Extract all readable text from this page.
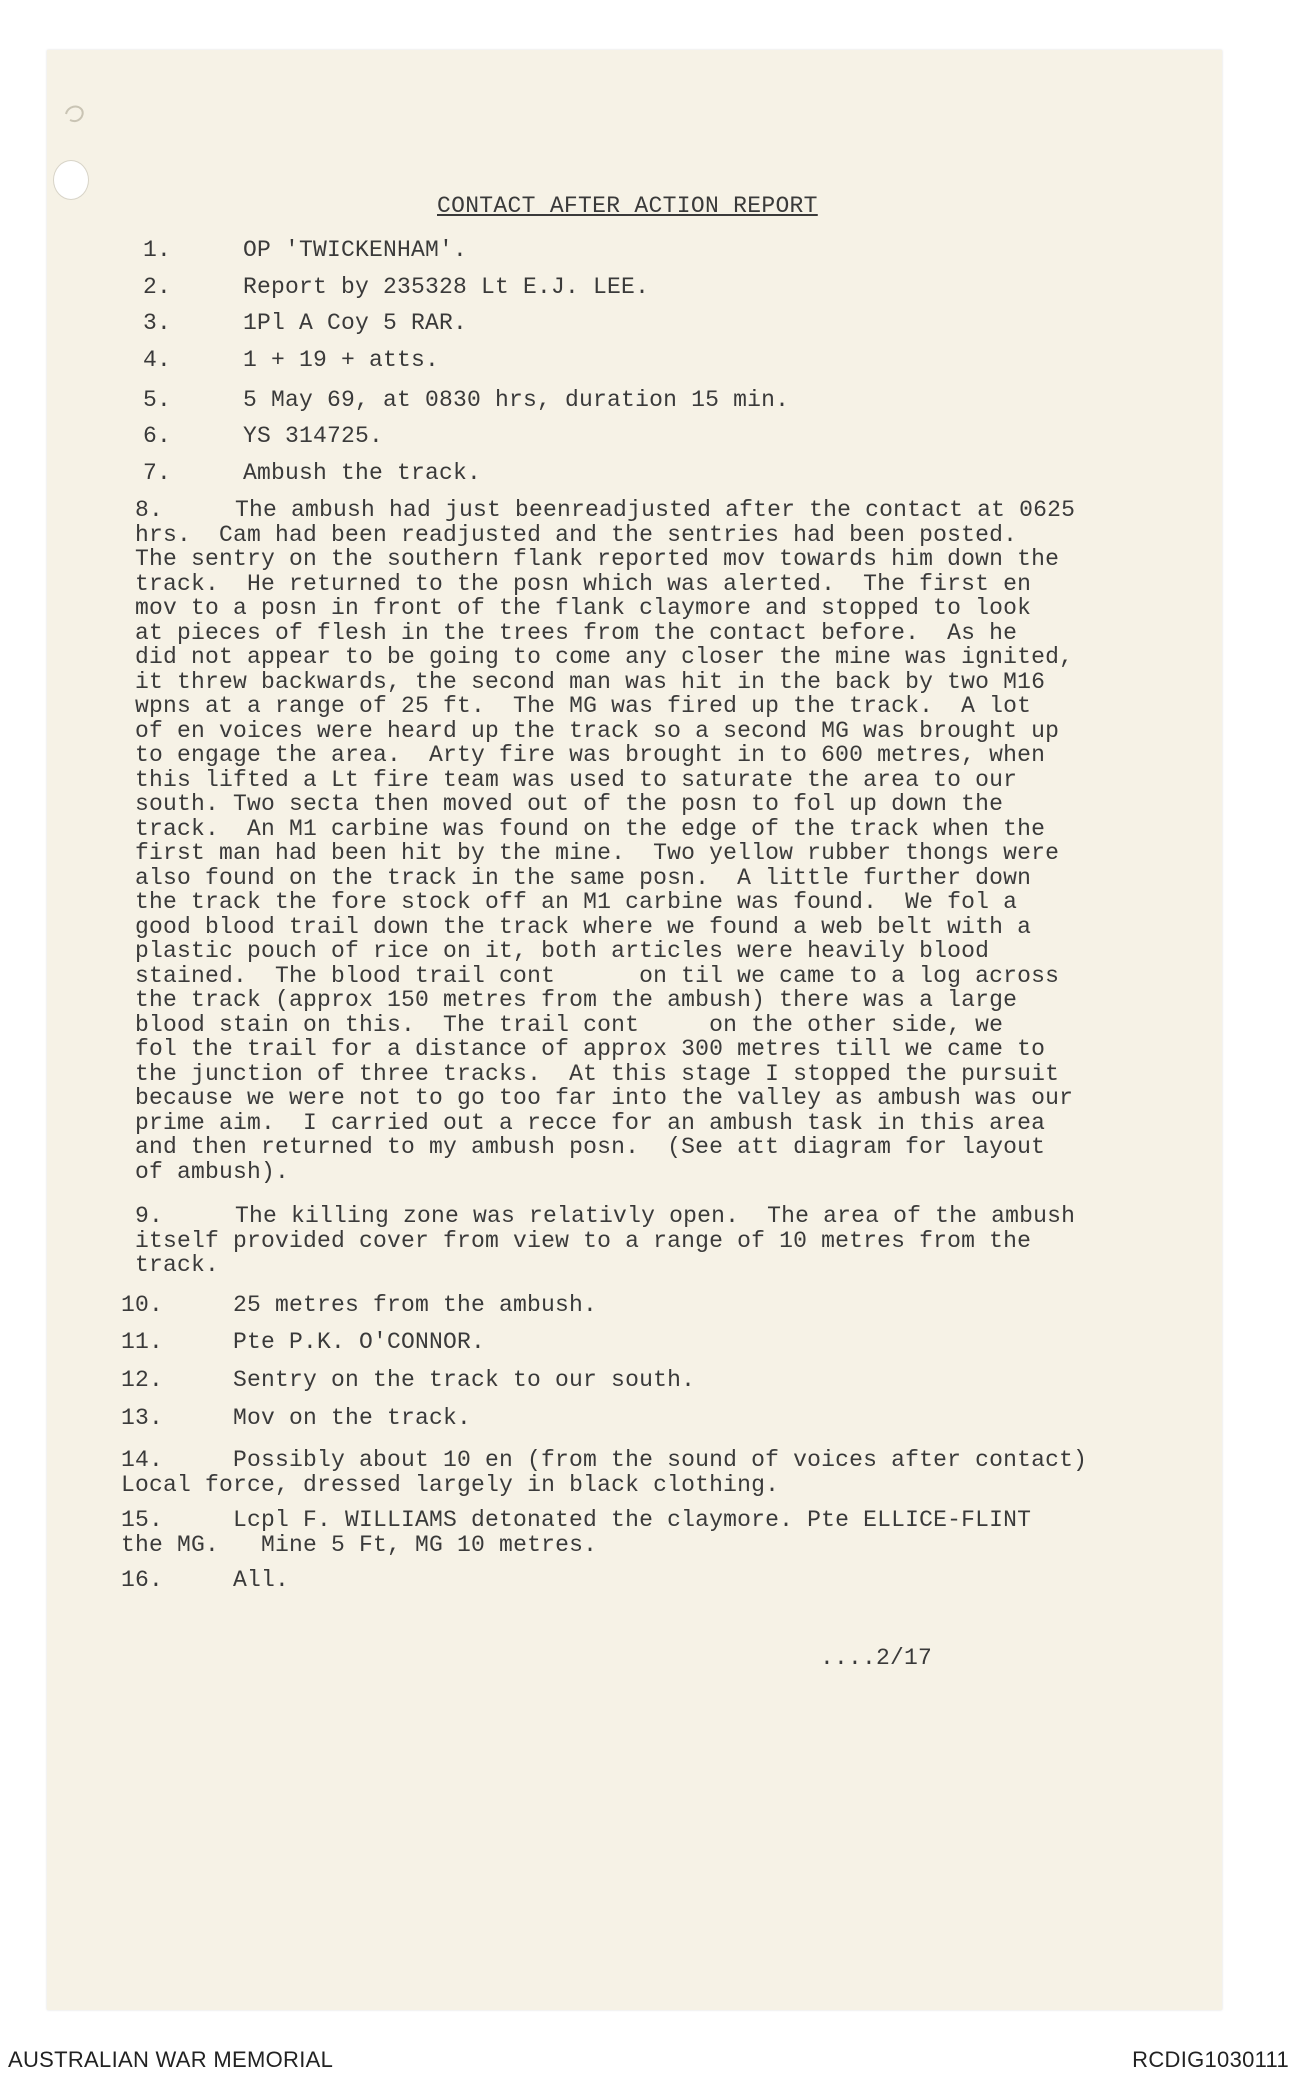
CONTACT AFTER ACTION REPORT
1.	OP 'TWICKENHAM'.
2.	Report by 235328 Lt E.J. LEE.
3.	1Pl A Coy 5 RAR.
4.	1 + 19 + atts.
5.	5 May 69, at 0830 hrs, duration 15 min.
6.	YS 314725.
7.	Ambush the track.
8.	The ambush had just beenreadjusted after the contact at 0625
hrs.  Cam had been readjusted and the sentries had been posted.
The sentry on the southern flank reported mov towards him down the
track.  He returned to the posn which was alerted.  The first en
mov to a posn in front of the flank claymore and stopped to look
at pieces of flesh in the trees from the contact before.  As he
did not appear to be going to come any closer the mine was ignited,
it threw backwards, the second man was hit in the back by two M16
wpns at a range of 25 ft.  The MG was fired up the track.  A lot
of en voices were heard up the track so a second MG was brought up
to engage the area.  Arty fire was brought in to 600 metres, when
this lifted a Lt fire team was used to saturate the area to our
south. Two secta then moved out of the posn to fol up down the
track.  An M1 carbine was found on the edge of the track when the
first man had been hit by the mine.  Two yellow rubber thongs were
also found on the track in the same posn.  A little further down
the track the fore stock off an M1 carbine was found.  We fol a
good blood trail down the track where we found a web belt with a
plastic pouch of rice on it, both articles were heavily blood
stained.  The blood trail cont      on til we came to a log across
the track (approx 150 metres from the ambush) there was a large
blood stain on this.  The trail cont     on the other side, we
fol the trail for a distance of approx 300 metres till we came to
the junction of three tracks.  At this stage I stopped the pursuit
because we were not to go too far into the valley as ambush was our
prime aim.  I carried out a recce for an ambush task in this area
and then returned to my ambush posn.  (See att diagram for layout
of ambush).
9.	The killing zone was relativly open.  The area of the ambush
itself provided cover from view to a range of 10 metres from the
track.
10.	25 metres from the ambush.
11.	Pte P.K. O'CONNOR.
12.	Sentry on the track to our south.
13.	Mov on the track.
14.	Possibly about 10 en (from the sound of voices after contact)
Local force, dressed largely in black clothing.
15.	Lcpl F. WILLIAMS detonated the claymore. Pte ELLICE-FLINT
the MG.   Mine 5 Ft, MG 10 metres.
16.	All.
....2/17
AUSTRALIAN WAR MEMORIAL	RCDIG1030111
